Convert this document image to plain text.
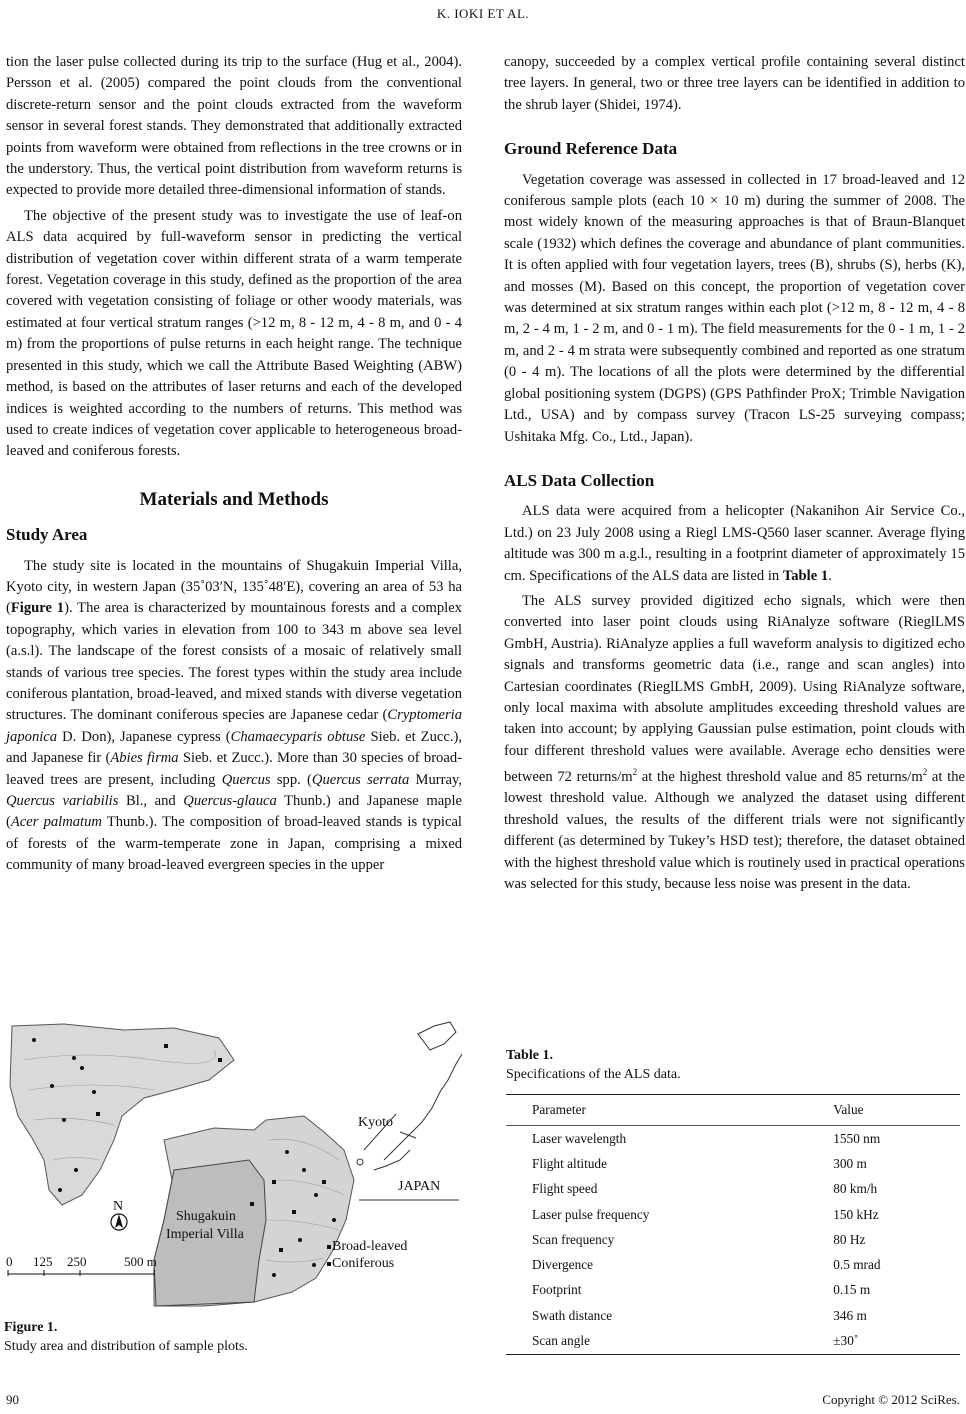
K. IOKI ET AL.

tion the laser pulse collected during its trip to the surface (Hug et al., 2004). Persson et al. (2005) compared the point clouds from the conventional discrete-return sensor and the point clouds extracted from the waveform sensor in several forest stands. They demonstrated that additionally extracted points from waveform were obtained from reflections in the tree crowns or in the understory. Thus, the vertical point distribution from waveform returns is expected to provide more detailed three-dimensional information of stands.

The objective of the present study was to investigate the use of leaf-on ALS data acquired by full-waveform sensor in predicting the vertical distribution of vegetation cover within different strata of a warm temperate forest. Vegetation coverage in this study, defined as the proportion of the area covered with vegetation consisting of foliage or other woody materials, was estimated at four vertical stratum ranges (>12 m, 8 - 12 m, 4 - 8 m, and 0 - 4 m) from the proportions of pulse returns in each height range. The technique presented in this study, which we call the Attribute Based Weighting (ABW) method, is based on the attributes of laser returns and each of the developed indices is weighted according to the numbers of returns. This method was used to create indices of vegetation cover applicable to heterogeneous broad-leaved and coniferous forests.

Materials and Methods
Study Area

The study site is located in the mountains of Shugakuin Imperial Villa, Kyoto city, in western Japan (35˚03′N, 135˚48′E), covering an area of 53 ha (Figure 1). The area is characterized by mountainous forests and a complex topography, which varies in elevation from 100 to 343 m above sea level (a.s.l). The landscape of the forest consists of a mosaic of relatively small stands of various tree species. The forest types within the study area include coniferous plantation, broad-leaved, and mixed stands with diverse vegetation structures. The dominant coniferous species are Japanese cedar (Cryptomeria japonica D. Don), Japanese cypress (Chamaecyparis obtuse Sieb. et Zucc.), and Japanese fir (Abies firma Sieb. et Zucc.). More than 30 species of broad-leaved trees are present, including Quercus spp. (Quercus serrata Murray, Quercus variabilis Bl., and Quercus-glauca Thunb.) and Japanese maple (Acer palmatum Thunb.). The composition of broad-leaved stands is typical of forests of the warm-temperate zone in Japan, comprising a mixed community of many broad-leaved evergreen species in the upper

canopy, succeeded by a complex vertical profile containing several distinct tree layers. In general, two or three tree layers can be identified in addition to the shrub layer (Shidei, 1974).

Ground Reference Data

Vegetation coverage was assessed in collected in 17 broad-leaved and 12 coniferous sample plots (each 10 × 10 m) during the summer of 2008. The most widely known of the measuring approaches is that of Braun-Blanquet scale (1932) which defines the coverage and abundance of plant communities. It is often applied with four vegetation layers, trees (B), shrubs (S), herbs (K), and mosses (M). Based on this concept, the proportion of vegetation cover was determined at six stratum ranges within each plot (>12 m, 8 - 12 m, 4 - 8 m, 2 - 4 m, 1 - 2 m, and 0 - 1 m). The field measurements for the 0 - 1 m, 1 - 2 m, and 2 - 4 m strata were subsequently combined and reported as one stratum (0 - 4 m). The locations of all the plots were determined by the differential global positioning system (DGPS) (GPS Pathfinder ProX; Trimble Navigation Ltd., USA) and by compass survey (Tracon LS-25 surveying compass; Ushitaka Mfg. Co., Ltd., Japan).

ALS Data Collection

ALS data were acquired from a helicopter (Nakanihon Air Service Co., Ltd.) on 23 July 2008 using a Riegl LMS-Q560 laser scanner. Average flying altitude was 300 m a.g.l., resulting in a footprint diameter of approximately 15 cm. Specifications of the ALS data are listed in Table 1.

The ALS survey provided digitized echo signals, which were then converted into laser point clouds using RiAnalyze software (RieglLMS GmbH, Austria). RiAnalyze applies a full waveform analysis to digitized echo signals and transforms geometric data (i.e., range and scan angles) into Cartesian coordinates (RieglLMS GmbH, 2009). Using RiAnalyze software, only local maxima with absolute amplitudes exceeding threshold values are taken into account; by applying Gaussian pulse estimation, point clouds with four different threshold values were available. Average echo densities were between 72 returns/$m^2$ at the highest threshold value and 85 returns/$m^2$ at the lowest threshold value. Although we analyzed the dataset using different threshold values, the results of the different trials were not significantly different (as determined by Tukey’s HSD test); therefore, the dataset obtained with the highest threshold value which is routinely used in practical operations was selected for this study, because less noise was present in the data.

Kyoto
JAPAN
N
Shugakuin
Imperial Villa
Broad-leaved
Coniferous
0 125 250	500 m
Figure 1.
Study area and distribution of sample plots.
Table 1.
Specifications of the ALS data.
Parameter	Value
Laser wavelength	1550 nm
Flight altitude	300 m
Flight speed	80 km/h
Laser pulse frequency	150 kHz
Scan frequency	80 Hz
Divergence	0.5 mrad
Footprint	0.15 m
Swath distance	346 m
Scan angle	±30˚
90	Copyright © 2012 SciRes.
